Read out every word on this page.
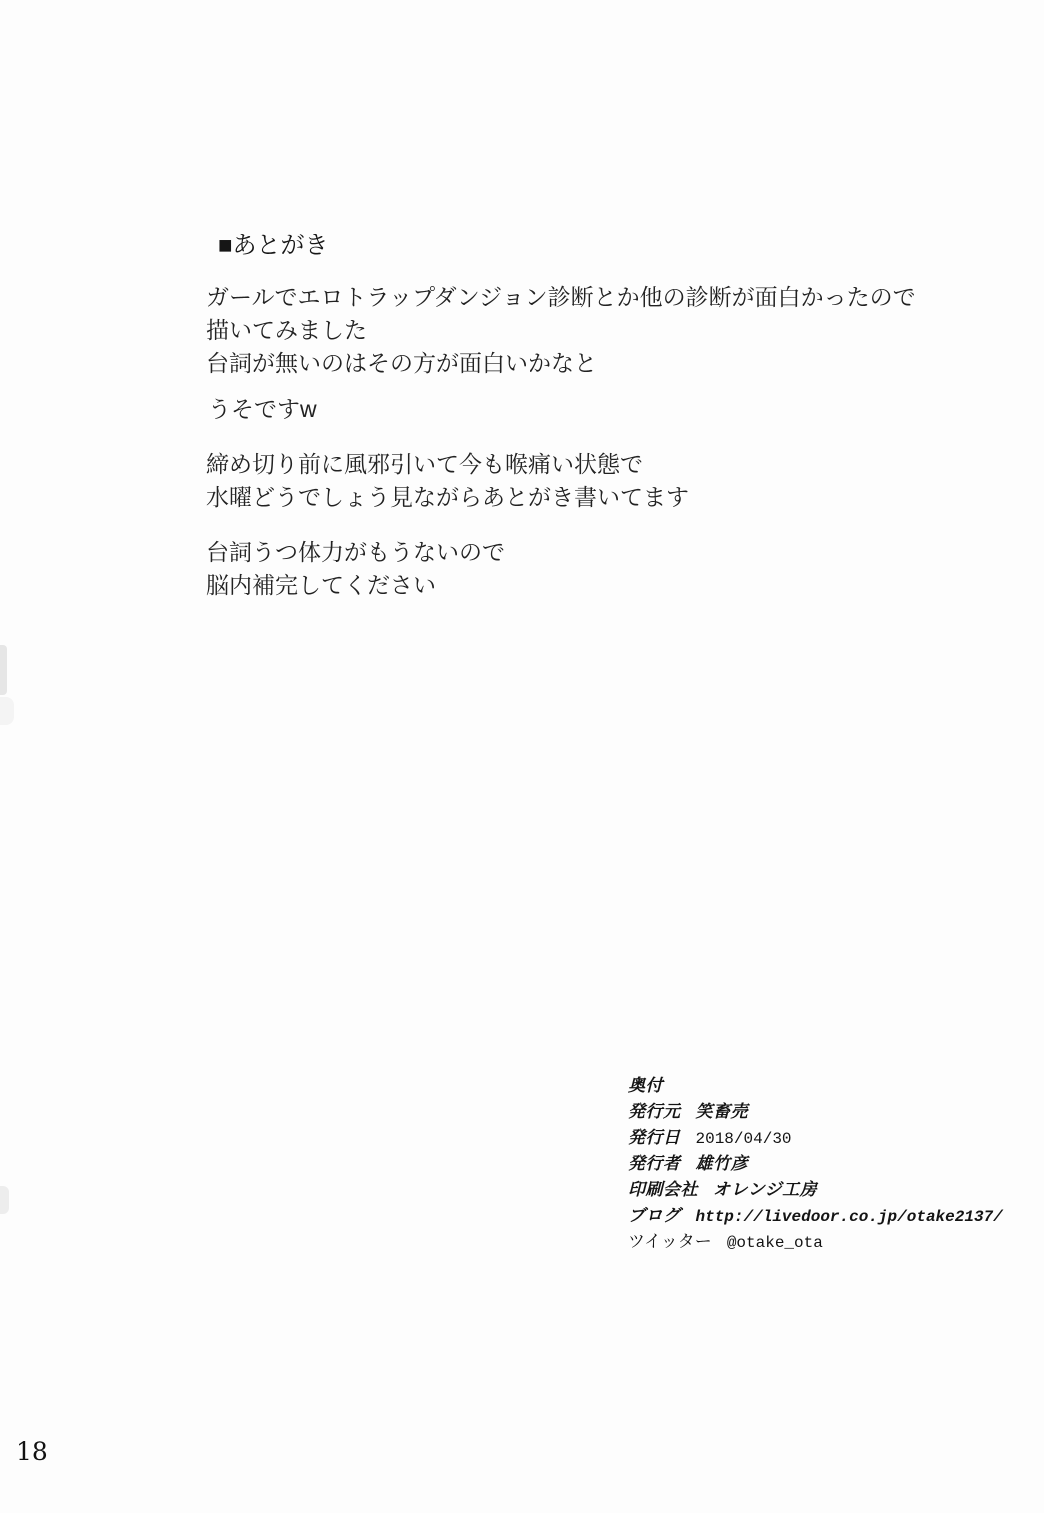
■あとがき
ガールでエロトラップダンジョン診断とか他の診断が面白かったので
描いてみました
台詞が無いのはその方が面白いかなと
うそですw
締め切り前に風邪引いて今も喉痛い状態で
水曜どうでしょう見ながらあとがき書いてます
台詞うつ体力がもうないので
脳内補完してください
奥付
発行元 笑畜売
発行日 2018/04/30
発行者 雄竹彦
印刷会社 オレンジ工房
ブログ http://livedoor.co.jp/otake2137/
ツイッター @otake_ota
18
